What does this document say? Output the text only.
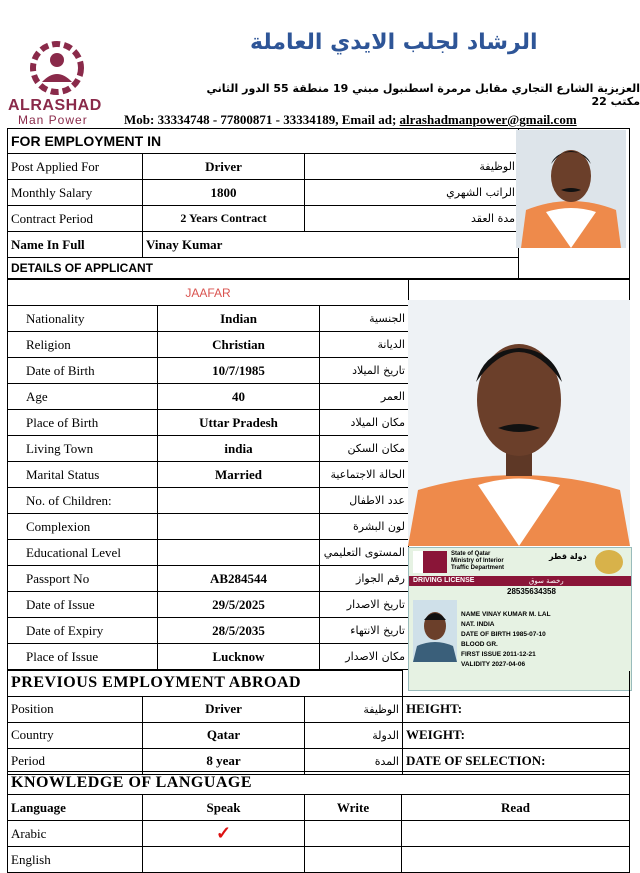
ALRASHAD
Man Power
الرشاد لجلب الايدي العاملة
العزيزية الشارع التجاري مقابل مرمرة اسطنبول مبني 19 منطقة 55 الدور الثاني مكتب 22
Mob: 33334748 - 77800871 - 33334189, Email ad; alrashadmanpower@gmail.com
FOR EMPLOYMENT IN			
Post Applied For	Driver	الوظيفة	
Monthly Salary	1800	الراتب الشهري	
Contract Period	2 Years Contract	مدة العقد	
Name In Full	Vinay Kumar		
DETAILS OF APPLICANT			
JAAFAR			
Nationality	Indian	الجنسية	
Religion	Christian	الديانة	
Date of Birth	10/7/1985	تاريخ الميلاد	
Age	40	العمر	
Place of Birth	Uttar Pradesh	مكان الميلاد	
Living Town	india	مكان السكن	
Marital Status	Married	الحالة الاجتماعية	
No. of Children:		عدد الاطفال	
Complexion		لون البشرة	
Educational Level		المستوى التعليمي	
Passport No	AB284544	رقم الجواز	
Date of Issue	29/5/2025	تاريخ الاصدار	
Date of Expiry	28/5/2035	تاريخ الانتهاء	
Place of Issue	Lucknow	مكان الاصدار	
State of Qatar
Ministry of Interior
Traffic Department
دولة قطر
DRIVING LICENSE	رخصة سوق
28535634358
NAME VINAY KUMAR M. LAL
NAT. INDIA
DATE OF BIRTH 1985-07-10
BLOOD GR.
FIRST ISSUE 2011-12-21
VALIDITY 2027-04-06
PREVIOUS EMPLOYMENT ABROAD			
Position	Driver	الوظيفة	HEIGHT:
Country	Qatar	الدولة	WEIGHT:
Period	8 year	المدة	DATE OF SELECTION:
KNOWLEDGE OF LANGUAGE			
Language	Speak	Write	Read
Arabic	✓		
English			
